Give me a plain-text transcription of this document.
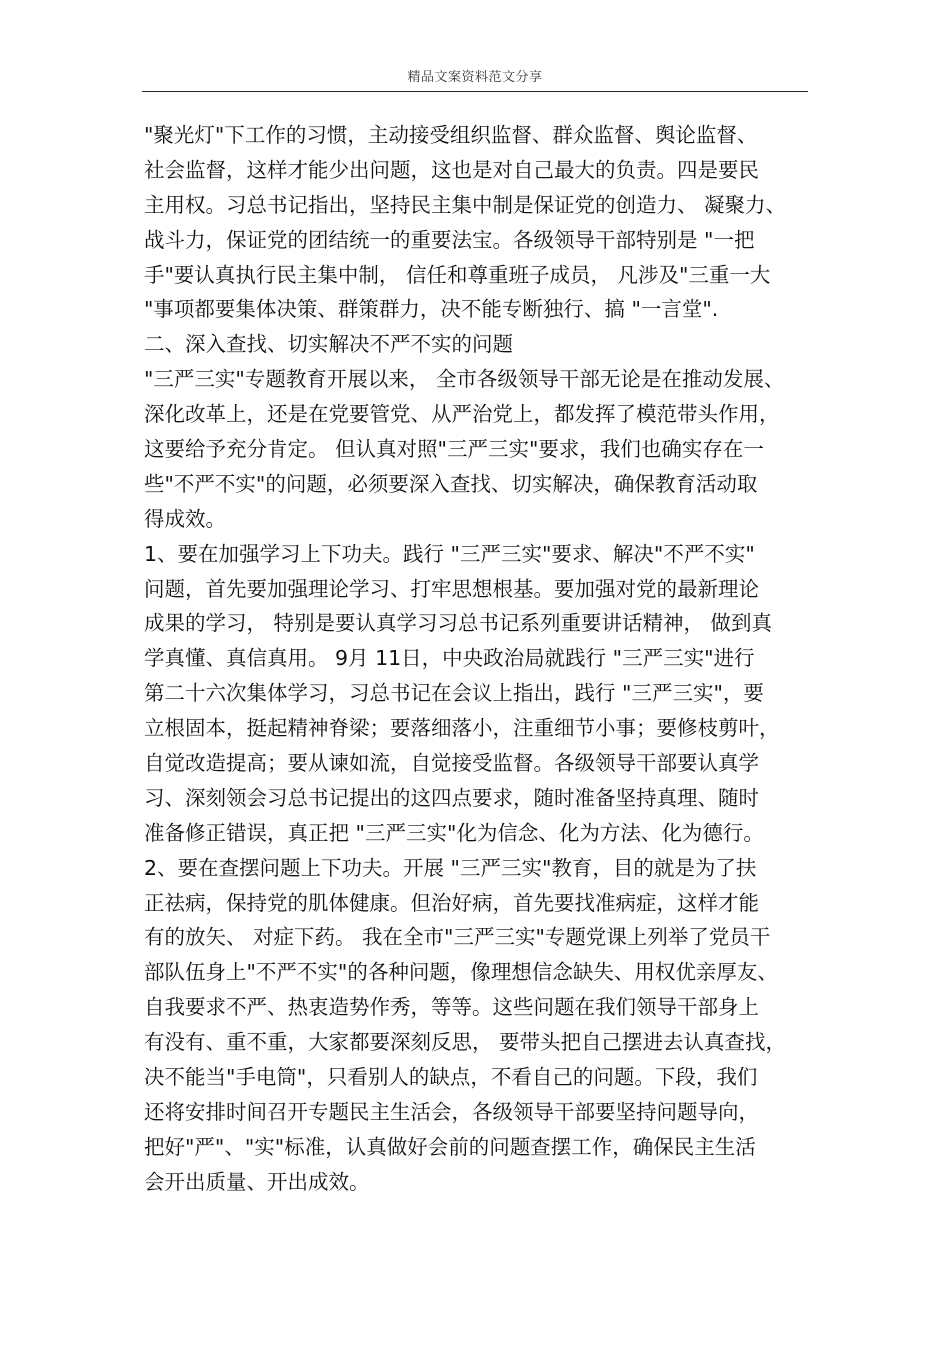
精品文案资料范文分享
"聚光灯"下工作的习惯，主动接受组织监督、群众监督、舆论监督、
社会监督，这样才能少出问题，这也是对自己最大的负责。四是要民
主用权。习总书记指出，坚持民主集中制是保证党的创造力、 凝聚力、
战斗力，保证党的团结统一的重要法宝。各级领导干部特别是 "一把
手"要认真执行民主集中制， 信任和尊重班子成员， 凡涉及"三重一大
"事项都要集体决策、群策群力，决不能专断独行、搞 "一言堂".
二、深入查找、切实解决不严不实的问题
"三严三实"专题教育开展以来， 全市各级领导干部无论是在推动发展、
深化改革上，还是在党要管党、从严治党上，都发挥了模范带头作用，
这要给予充分肯定。 但认真对照"三严三实"要求，我们也确实存在一
些"不严不实"的问题，必须要深入查找、切实解决，确保教育活动取
得成效。
1、要在加强学习上下功夫。践行 "三严三实"要求、解决"不严不实"
问题，首先要加强理论学习、打牢思想根基。要加强对党的最新理论
成果的学习， 特别是要认真学习习总书记系列重要讲话精神， 做到真
学真懂、真信真用。 9月 11日，中央政治局就践行 "三严三实"进行
第二十六次集体学习，习总书记在会议上指出，践行 "三严三实"，要
立根固本，挺起精神脊梁；要落细落小，注重细节小事；要修枝剪叶，
自觉改造提高；要从谏如流，自觉接受监督。各级领导干部要认真学
习、深刻领会习总书记提出的这四点要求，随时准备坚持真理、随时
准备修正错误，真正把 "三严三实"化为信念、化为方法、化为德行。
2、要在查摆问题上下功夫。开展 "三严三实"教育，目的就是为了扶
正祛病，保持党的肌体健康。但治好病，首先要找准病症，这样才能
有的放矢、 对症下药。 我在全市"三严三实"专题党课上列举了党员干
部队伍身上"不严不实"的各种问题，像理想信念缺失、用权优亲厚友、
自我要求不严、热衷造势作秀，等等。这些问题在我们领导干部身上
有没有、重不重，大家都要深刻反思， 要带头把自己摆进去认真查找，
决不能当"手电筒"，只看别人的缺点，不看自己的问题。下段，我们
还将安排时间召开专题民主生活会，各级领导干部要坚持问题导向，
把好"严"、"实"标准，认真做好会前的问题查摆工作，确保民主生活
会开出质量、开出成效。
